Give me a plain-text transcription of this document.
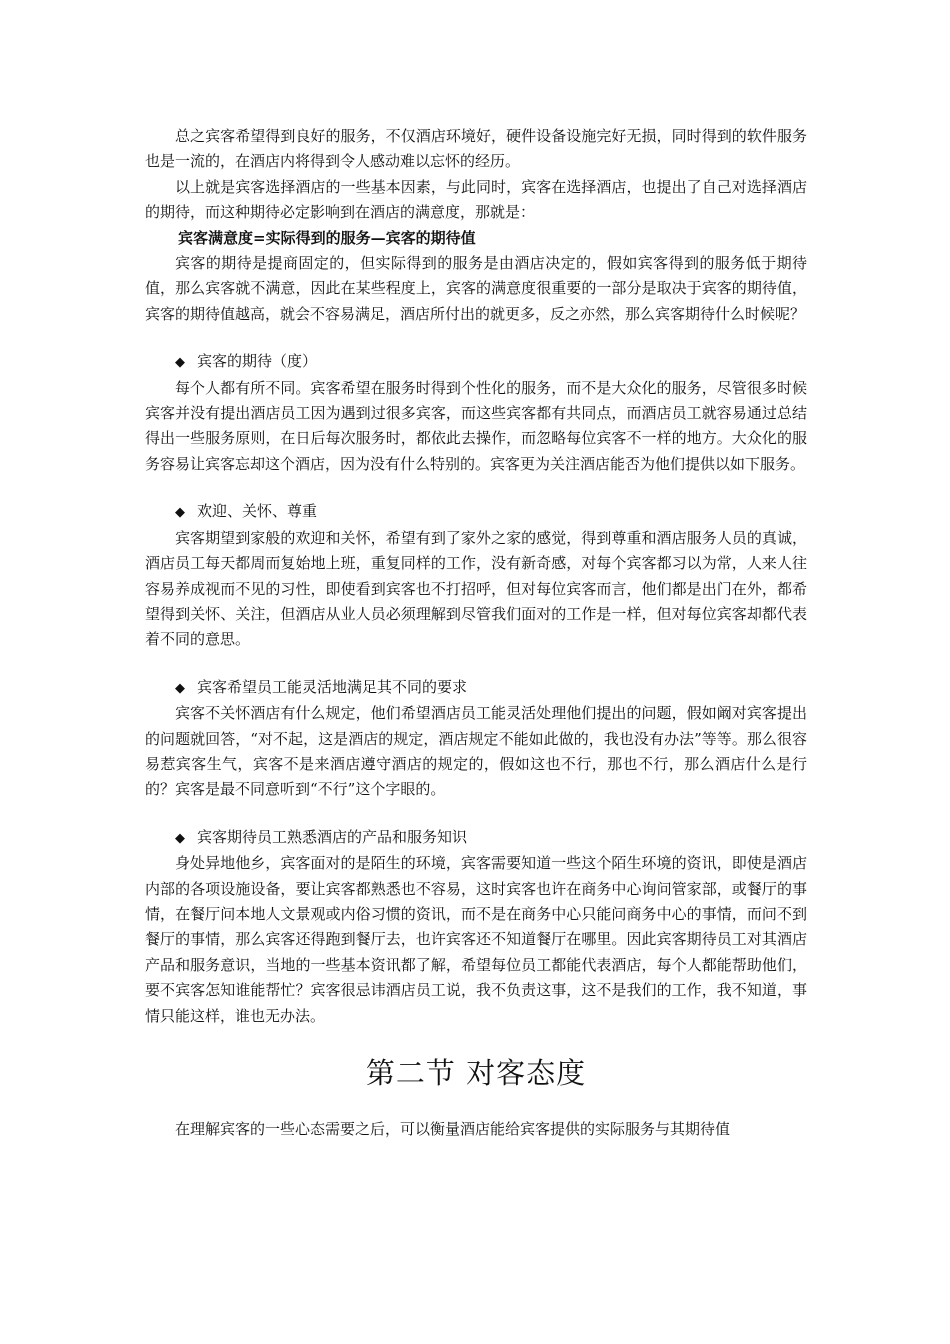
总之宾客希望得到良好的服务，不仅酒店环境好，硬件设备设施完好无损，同时得到的软件服务也是一流的，在酒店内将得到令人感动难以忘怀的经历。

以上就是宾客选择酒店的一些基本因素，与此同时，宾客在选择酒店，也提出了自己对选择酒店的期待，而这种期待必定影响到在酒店的满意度，那就是：

宾客满意度=实际得到的服务—宾客的期待值

宾客的期待是提商固定的，但实际得到的服务是由酒店决定的，假如宾客得到的服务低于期待值，那么宾客就不满意，因此在某些程度上，宾客的满意度很重要的一部分是取决于宾客的期待值，宾客的期待值越高，就会不容易满足，酒店所付出的就更多，反之亦然，那么宾客期待什么时候呢？

◆ 宾客的期待（度）

每个人都有所不同。宾客希望在服务时得到个性化的服务，而不是大众化的服务，尽管很多时候宾客并没有提出酒店员工因为遇到过很多宾客，而这些宾客都有共同点，而酒店员工就容易通过总结得出一些服务原则，在日后每次服务时，都依此去操作，而忽略每位宾客不一样的地方。大众化的服务容易让宾客忘却这个酒店，因为没有什么特别的。宾客更为关注酒店能否为他们提供以如下服务。

◆ 欢迎、关怀、尊重

宾客期望到家般的欢迎和关怀，希望有到了家外之家的感觉，得到尊重和酒店服务人员的真诚，酒店员工每天都周而复始地上班，重复同样的工作，没有新奇感，对每个宾客都习以为常，人来人往容易养成视而不见的习性，即使看到宾客也不打招呼，但对每位宾客而言，他们都是出门在外，都希望得到关怀、关注，但酒店从业人员必须理解到尽管我们面对的工作是一样，但对每位宾客却都代表着不同的意思。

◆ 宾客希望员工能灵活地满足其不同的要求

宾客不关怀酒店有什么规定，他们希望酒店员工能灵活处理他们提出的问题，假如阚对宾客提出的问题就回答，“对不起，这是酒店的规定，酒店规定不能如此做的，我也没有办法”等等。那么很容易惹宾客生气，宾客不是来酒店遵守酒店的规定的，假如这也不行，那也不行，那么酒店什么是行的？宾客是最不同意听到“不行”这个字眼的。

◆ 宾客期待员工熟悉酒店的产品和服务知识

身处异地他乡，宾客面对的是陌生的环境，宾客需要知道一些这个陌生环境的资讯，即使是酒店内部的各项设施设备，要让宾客都熟悉也不容易，这时宾客也许在商务中心询问管家部，或餐厅的事情，在餐厅问本地人文景观或内俗习惯的资讯，而不是在商务中心只能问商务中心的事情，而问不到餐厅的事情，那么宾客还得跑到餐厅去，也许宾客还不知道餐厅在哪里。因此宾客期待员工对其酒店产品和服务意识，当地的一些基本资讯都了解，希望每位员工都能代表酒店，每个人都能帮助他们，要不宾客怎知谁能帮忙？宾客很忌讳酒店员工说，我不负责这事，这不是我们的工作，我不知道，事情只能这样，谁也无办法。

第二节 对客态度

在理解宾客的一些心态需要之后，可以衡量酒店能给宾客提供的实际服务与其期待值
